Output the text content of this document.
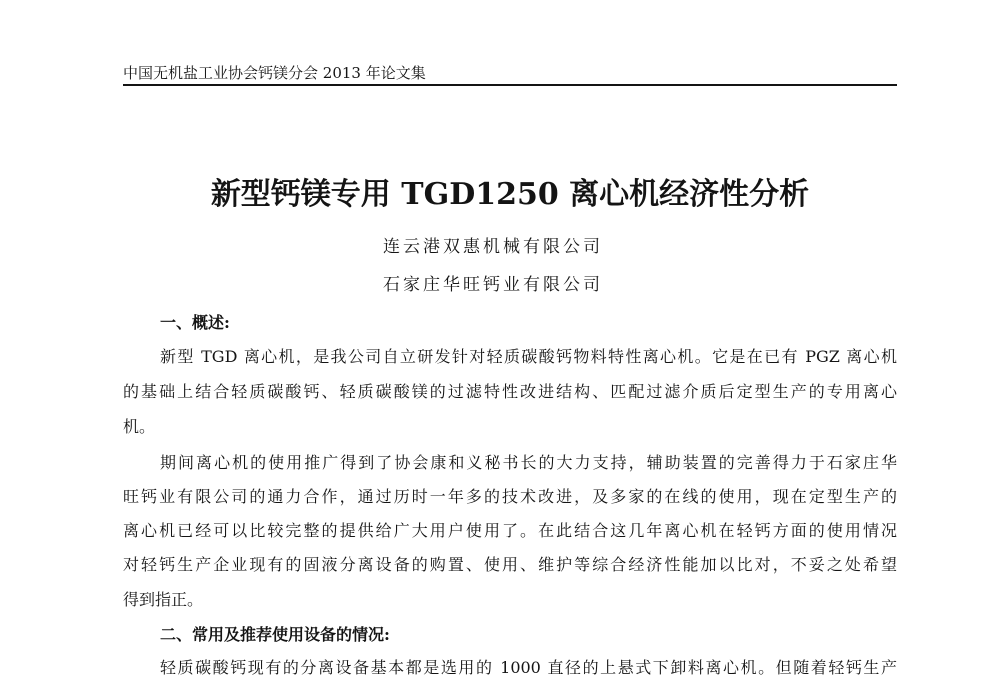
中国无机盐工业协会钙镁分会 2013 年论文集
新型钙镁专用 TGD1250 离心机经济性分析
连云港双惠机械有限公司
石家庄华旺钙业有限公司
一、概述:
新型 TGD 离心机，是我公司自立研发针对轻质碳酸钙物料特性离心机。它是在已有 PGZ 离心机
的基础上结合轻质碳酸钙、轻质碳酸镁的过滤特性改进结构、匹配过滤介质后定型生产的专用离心
机。
期间离心机的使用推广得到了协会康和义秘书长的大力支持，辅助装置的完善得力于石家庄华
旺钙业有限公司的通力合作，通过历时一年多的技术改进，及多家的在线的使用，现在定型生产的
离心机已经可以比较完整的提供给广大用户使用了。在此结合这几年离心机在轻钙方面的使用情况
对轻钙生产企业现有的固液分离设备的购置、使用、维护等综合经济性能加以比对，不妥之处希望
得到指正。
二、常用及推荐使用设备的情况:
轻质碳酸钙现有的分离设备基本都是选用的 1000 直径的上悬式下卸料离心机。但随着轻钙生产
